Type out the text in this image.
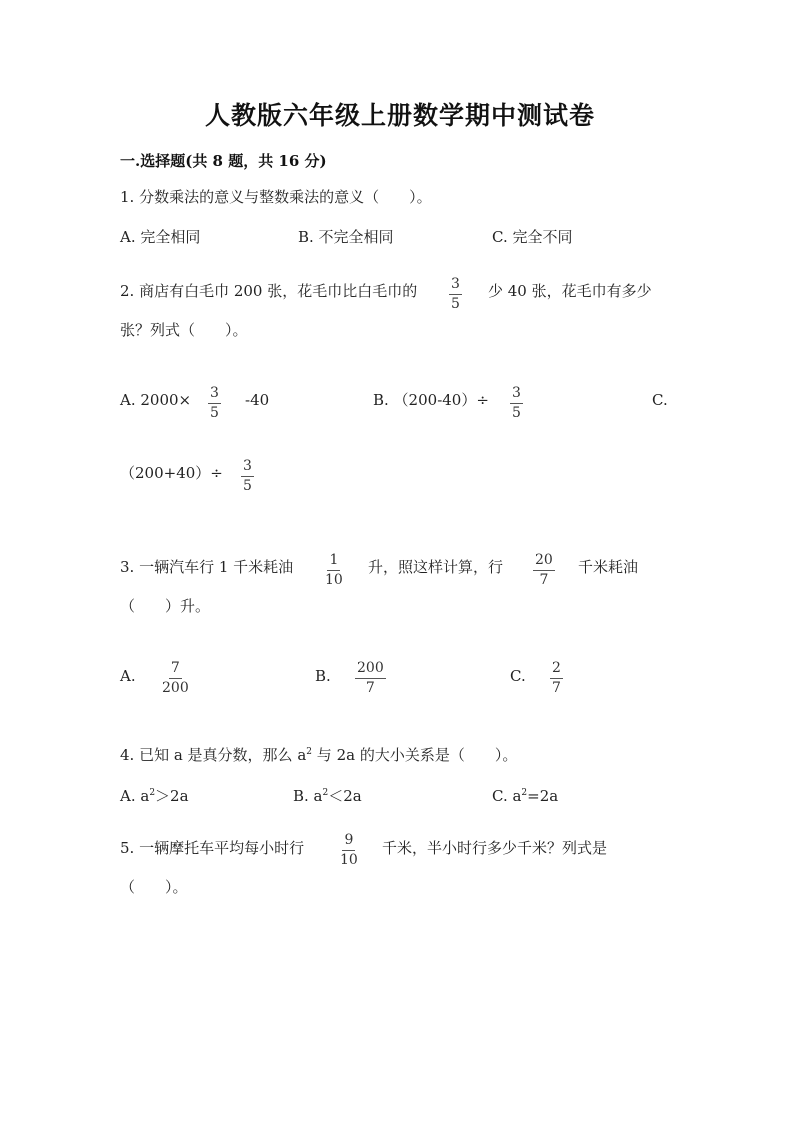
人教版六年级上册数学期中测试卷
一.选择题(共 8 题，共 16 分)
1. 分数乘法的意义与整数乘法的意义（　　）。
A. 完全相同	B. 不完全相同	C. 完全不同
2. 商店有白毛巾 200 张，花毛巾比白毛巾的 $\frac{3}{5}$ 少 40 张，花毛巾有多少
张？列式（　　）。
A. $2000\times \frac{3}{5} -40$	B. $(200-40)\div \frac{3}{5}$	C.
$(200+40)\div \frac{3}{5}$
3. 一辆汽车行 1 千米耗油 $\frac{1}{10}$ 升，照这样计算，行 $\frac{20}{7}$ 千米耗油
（　　）升。
A. $\frac{7}{200}$	B. $\frac{200}{7}$	C. $\frac{2}{7}$
4. 已知 a 是真分数，那么 $a^2$ 与 2a 的大小关系是（　　）。
A. $a^2>2a$	B. $a^2<2a$	C. $a^2=2a$
5. 一辆摩托车平均每小时行 $\frac{9}{10}$ 千米，半小时行多少千米？列式是
（　　）。
